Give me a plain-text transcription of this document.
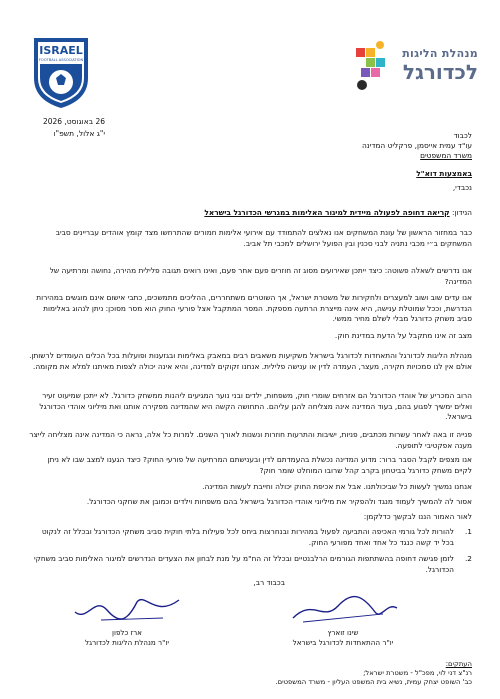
ISRAEL
FOOTBALL ASSOCIATION	מנהלת הליגות
לכדורגל
26 באוגוסט, 2026
י"ג אלול, תשפ"ו	לכבוד
עו"ד עמית אייסמן, פרקליט המדינה
משרד המשפטים
באמצעות דוא"ל
נכבדי,
הנידון: קריאה דחופה לפעולה מיידית למיגור האלימות במגרשי הכדורגל בישראל

כבר במחזור הראשון של עונת המשחקים אנו נאלצים להתמודד עם אירועי אלימות חמורים שהתרחשו מצד קומץ אוהדים עבריינים סביב המשחקים ב״י מכבי נתניה לבני סכנין ובין הפועל ירושלים למכבי תל אביב.

אנו נדרשים לשאלה פשוטה: כיצד ייתכן שאירועים מסוג זה חוזרים פעם אחר פעם, ואינו רואים תגובה פלילית מהירה, נחושה ומרתיעה של המדינה?

אנו עדים שוב ושוב למעצרים ולחקירות של משטרת ישראל, אך השוטרים משתחררים, ההליכים מתמשכים, כתבי אישום אינם מוגשים במהירות הנדרשת, וככל שמוטלת ענישה, היא אינה מייצרת הרתעה מספקת. המסר המתקבל אצל פורעי החוק הוא מסר מסוכן: ניתן לנהוג באלימות סביב משחק כדורגל מבלי לשלם מחיר ממשי.

מצב זה אינו מתקבל על הדעת במדינת חוק.

מנהלת הליגות לכדורגל והתאחדות לכדורגל בישראל משקיעות משאבים רבים במאבק באלימות ובגזענות ופועלות בכל הכלים העומדים לרשותן. אולם אין לנו סמכויות חקירה, מעצר, העמדה לדין או ענישה פלילית. אנחנו זקוקים למדינה, והיא אינה יכולה לצפות מאיתנו למלא את מקומה.

הרוב המכריע של אוהדי הכדורגל הם אזרחים שומרי חוק, משפחות, ילדים ובני נוער המגיעים ליהנות ממשחק כדורגל. לא ייתכן שמיעוט זעיר ואלים ימשיך לפגוע בהם, בעוד המדינה אינה מצליחה להגן עליהם. התחושה הקשה היא שהמדינה מפקירה אותנו ואת מיליוני אוהדי הכדורגל בישראל.

פנייה זו באה לאחר עשרות מכתבים, פניות, ישיבות והתרעות חוזרות ונשנות לאורך השנים. למרות כל אלה, נראה כי המדינה אינה מצליחה לייצר מענה אפקטיבי לתופעה.

אנו מצפים לקבל הסבר ברור: מדוע המדינה נכשלת בהעמדתם לדין ובענישתם המרתיעה של פורעי החוק? כיצד הגענו למצב שבו לא ניתן לקיים משחק כדורגל בביטחון בקרב קהל שרובו המוחלט שומר חוק?

אנחנו נמשיך לעשות כל שביכולתנו. אבל את אכיפת החוק יכולה וחייבת לעשות המדינה.

אסור לה להמשיך לעמוד מנגד ולהפקיר את מיליוני אוהדי הכדורגל בישראל בהם משפחות וילדים וכמובן את שחקני הכדורגל.

לאור האמור הננו לבקשך כדלקמן:

1.
להורות לכל גורמי האכיפה והתביעה לפעול במהירות ובנחרצות ביחס לכל פעילות בלתי חוקית סביב משחקי הכדורגל ובכלל זה לנקוט בכל יד קשה כנגד כל אחד ואחד מפורעי החוק.
2.
לזמן פגישה דחופה בהשתתפות הגורמים הרלבנטיים ובכלל זה הח"מ על מנת לבחון את הצעדים הנדרשים למיגור האלימות סביב משחקי הכדורגל.
בכבוד רב,
שינו זוארץ
יו"ר ההתאחדות לכדורגל בישראל
ארז כלפון
יו"ר מנהלת הליגות לכדורגל
העתקים:
רנ"צ דני לוי, מפכ"ל - משטרת ישראל;
כב' השופט יצחק עמית, נשיא בית המשפט העליון - משרד המשפטים.
